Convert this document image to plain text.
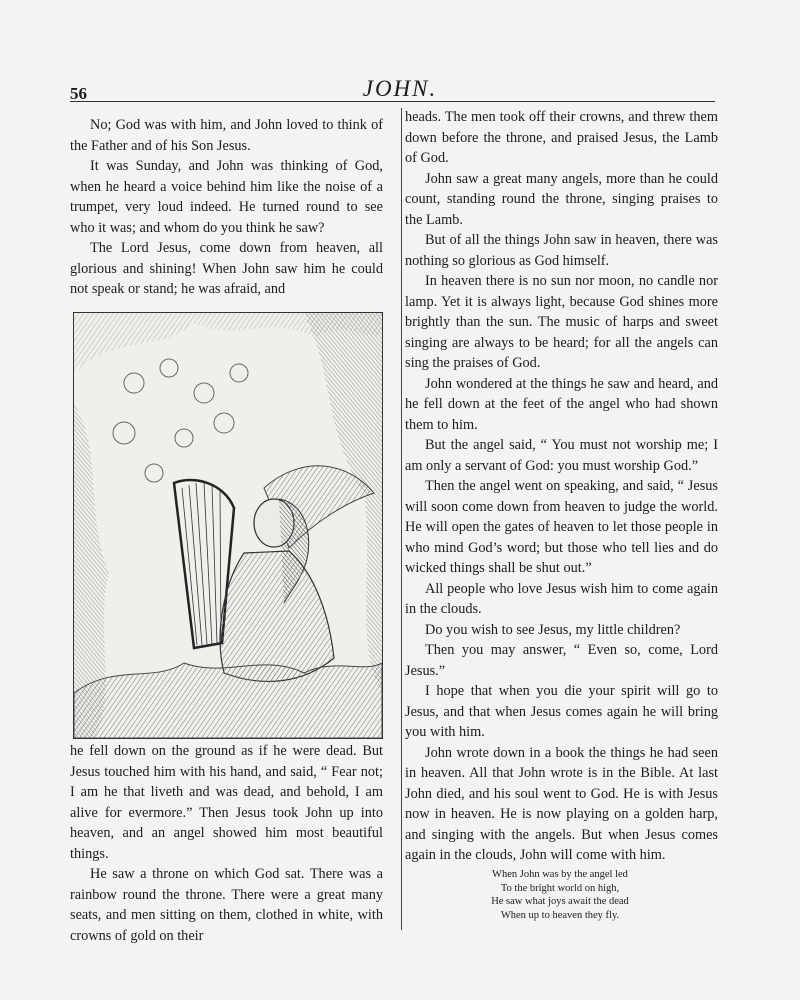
56	JOHN.

No; God was with him, and John loved to think of the Father and of his Son Jesus.

It was Sunday, and John was thinking of God, when he heard a voice behind him like the noise of a trumpet, very loud indeed. He turned round to see who it was; and whom do you think he saw?

The Lord Jesus, come down from heaven, all glorious and shining! When John saw him he could not speak or stand; he was afraid, and

he fell down on the ground as if he were dead. But Jesus touched him with his hand, and said, “ Fear not; I am he that liveth and was dead, and behold, I am alive for evermore.” Then Jesus took John up into heaven, and an angel showed him most beautiful things.

He saw a throne on which God sat. There was a rainbow round the throne. There were a great many seats, and men sitting on them, clothed in white, with crowns of gold on their

heads. The men took off their crowns, and threw them down before the throne, and praised Jesus, the Lamb of God.

John saw a great many angels, more than he could count, standing round the throne, singing praises to the Lamb.

But of all the things John saw in heaven, there was nothing so glorious as God himself.

In heaven there is no sun nor moon, no candle nor lamp. Yet it is always light, because God shines more brightly than the sun. The music of harps and sweet singing are always to be heard; for all the angels can sing the praises of God.

John wondered at the things he saw and heard, and he fell down at the feet of the angel who had shown them to him.

But the angel said, “ You must not worship me; I am only a servant of God: you must worship God.”

Then the angel went on speaking, and said, “ Jesus will soon come down from heaven to judge the world. He will open the gates of heaven to let those people in who mind God’s word; but those who tell lies and do wicked things shall be shut out.”

All people who love Jesus wish him to come again in the clouds.

Do you wish to see Jesus, my little children?

Then you may answer, “ Even so, come, Lord Jesus.”

I hope that when you die your spirit will go to Jesus, and that when Jesus comes again he will bring you with him.

John wrote down in a book the things he had seen in heaven. All that John wrote is in the Bible. At last John died, and his soul went to God. He is with Jesus now in heaven. He is now playing on a golden harp, and singing with the angels. But when Jesus comes again in the clouds, John will come with him.

When John was by the angel led
To the bright world on high,
He saw what joys await the dead
When up to heaven they fly.
